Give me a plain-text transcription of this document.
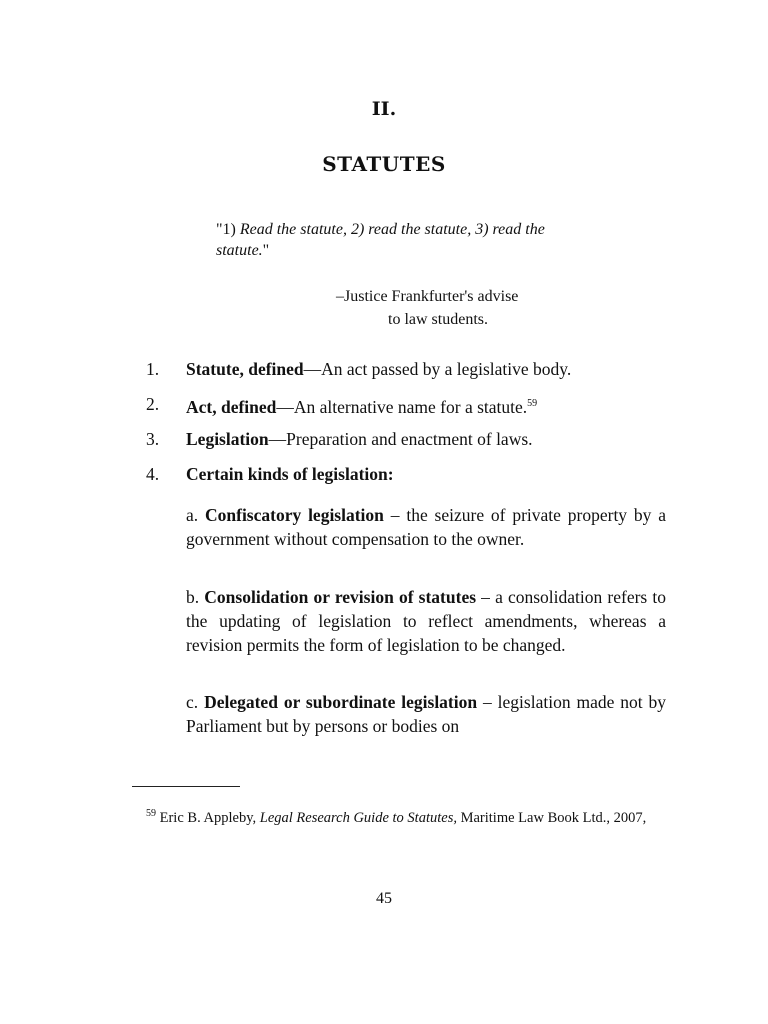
II.
STATUTES
"1) Read the statute, 2) read the statute, 3) read the statute."
–Justice Frankfurter's advise
to law students.
1.	Statute, defined—An act passed by a legislative body.
2.	Act, defined—An alternative name for a statute.$^{59}$
3.	Legislation—Preparation and enactment of laws.
4.	Certain kinds of legislation:
a. Confiscatory legislation – the seizure of private property by a government without compensation to the owner.
b. Consolidation or revision of statutes – a consolidation refers to the updating of legislation to reflect amendments, whereas a revision permits the form of legislation to be changed.
c. Delegated or subordinate legislation – legislation made not by Parliament but by persons or bodies on
$^{59}$ Eric B. Appleby, Legal Research Guide to Statutes, Maritime Law Book Ltd., 2007,
45
